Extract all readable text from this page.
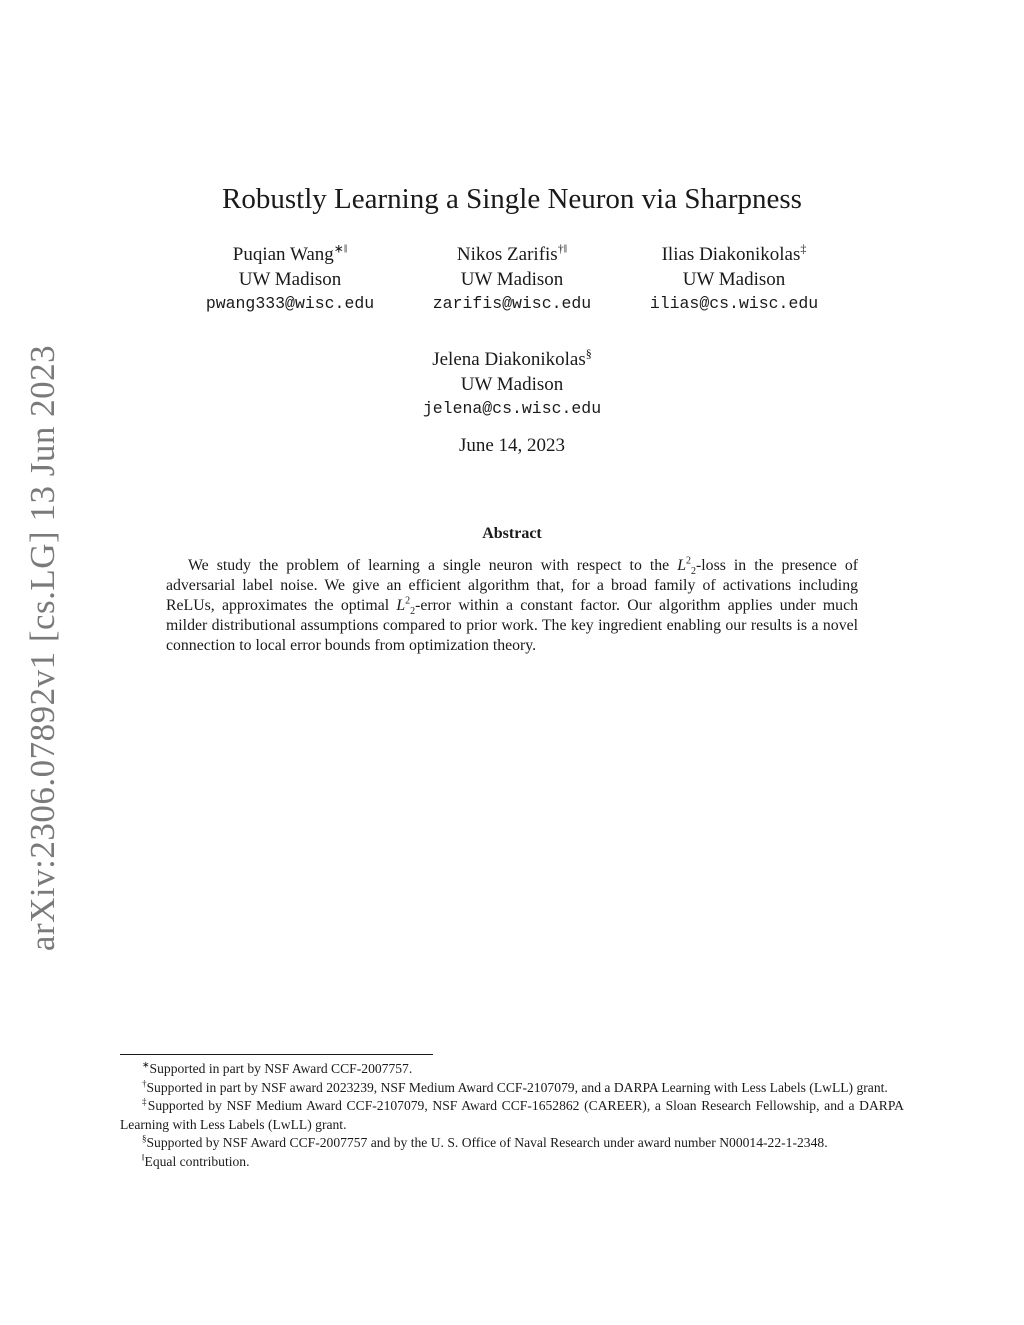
arXiv:2306.07892v1 [cs.LG] 13 Jun 2023
Robustly Learning a Single Neuron via Sharpness
Puqian Wang∗‖
UW Madison
pwang333@wisc.edu
Nikos Zarifis†‖
UW Madison
zarifis@wisc.edu
Ilias Diakonikolas‡
UW Madison
ilias@cs.wisc.edu
Jelena Diakonikolas§
UW Madison
jelena@cs.wisc.edu
June 14, 2023
Abstract
We study the problem of learning a single neuron with respect to the $L^2_2$-loss in the presence of adversarial label noise. We give an efficient algorithm that, for a broad family of activations including ReLUs, approximates the optimal $L^2_2$-error within a constant factor. Our algorithm applies under much milder distributional assumptions compared to prior work. The key ingredient enabling our results is a novel connection to local error bounds from optimization theory.

∗Supported in part by NSF Award CCF-2007757.

†Supported in part by NSF award 2023239, NSF Medium Award CCF-2107079, and a DARPA Learning with Less Labels (LwLL) grant.

‡Supported by NSF Medium Award CCF-2107079, NSF Award CCF-1652862 (CAREER), a Sloan Research Fellowship, and a DARPA Learning with Less Labels (LwLL) grant.

§Supported by NSF Award CCF-2007757 and by the U. S. Office of Naval Research under award number N00014-22-1-2348.

‖Equal contribution.
